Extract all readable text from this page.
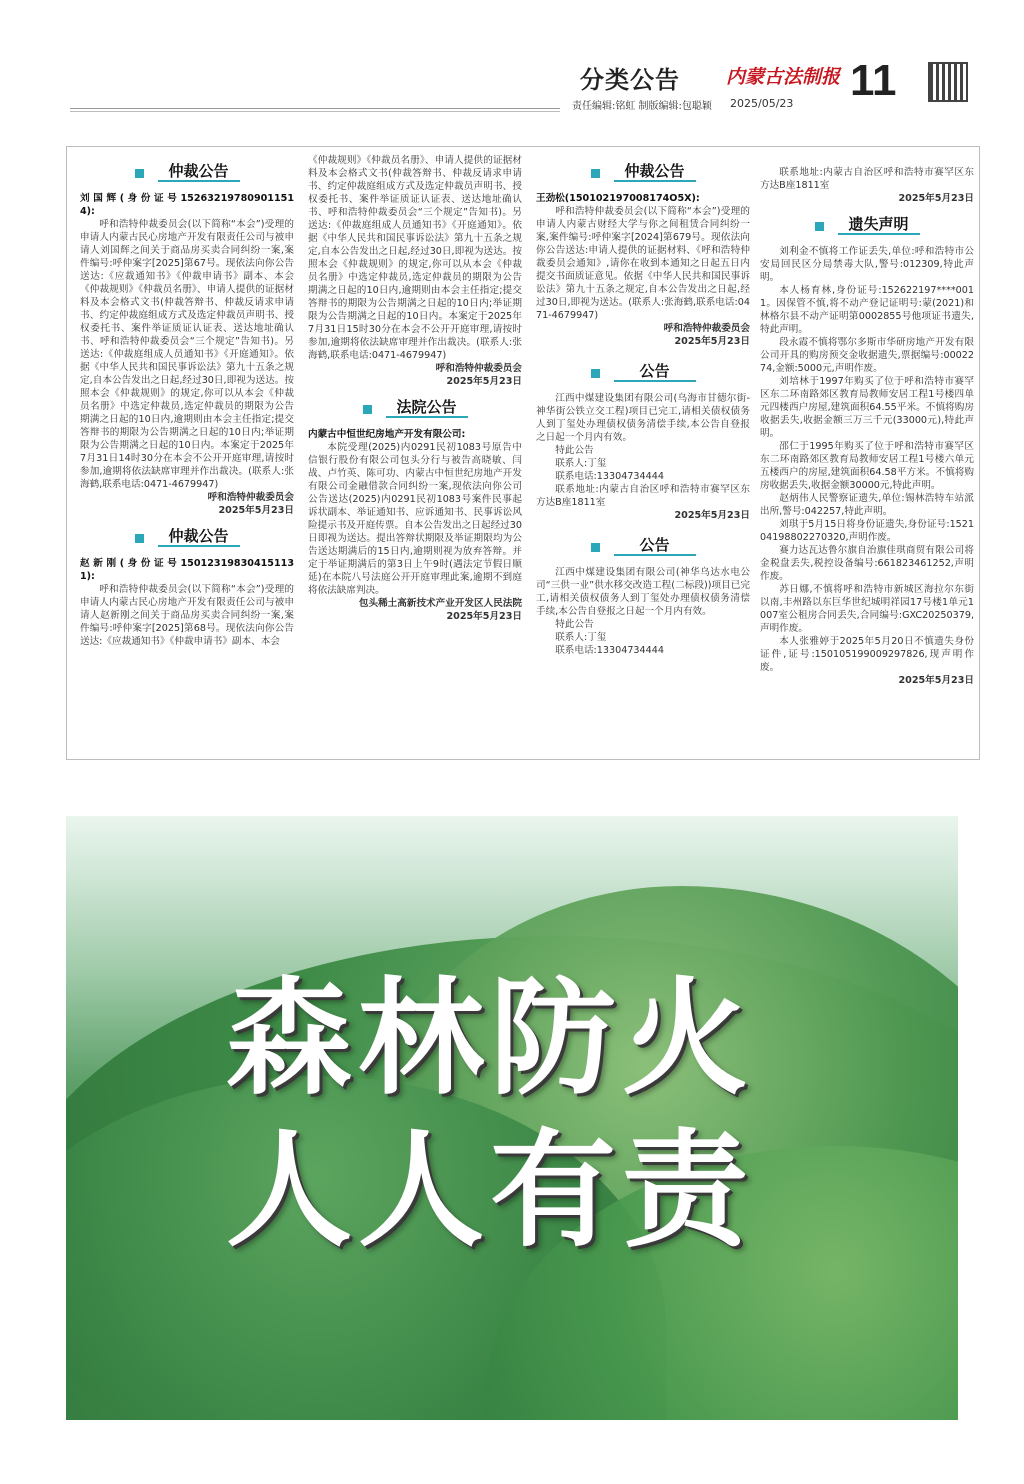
分类公告 内蒙古法制报
责任编辑:铭虹 制版编辑:包聪颖 2025/05/23 11
仲裁公告

刘 国 辉 ( 身 份 证 号 152632197809011514):

呼和浩特仲裁委员会(以下简称“本会”)受理的申请人内蒙古民心房地产开发有限责任公司与被申请人刘国辉之间关于商品房买卖合同纠纷一案,案件编号:呼仲案字[2025]第67号。现依法向你公告送达:《应裁通知书》《仲裁申请书》副本、本会《仲裁规则》《仲裁员名册》、申请人提供的证据材料及本会格式文书(仲裁答辩书、仲裁反请求申请书、约定仲裁庭组成方式及选定仲裁员声明书、授权委托书、案件举证质证认证表、送达地址确认书、呼和浩特仲裁委员会“三个规定”告知书)。另送达:《仲裁庭组成人员通知书》《开庭通知》。依据《中华人民共和国民事诉讼法》第九十五条之规定,自本公告发出之日起,经过30日,即视为送达。按照本会《仲裁规则》的规定,你可以从本会《仲裁员名册》中选定仲裁员,选定仲裁员的期限为公告期满之日起的10日内,逾期则由本会主任指定;提交答辩书的期限为公告期满之日起的10日内;举证期限为公告期满之日起的10日内。本案定于2025年7月31日14时30分在本会不公开开庭审理,请按时参加,逾期将依法缺席审理并作出裁决。(联系人:张海鹤,联系电话:0471-4679947)

呼和浩特仲裁委员会

2025年5月23日

仲裁公告

赵 新 刚 ( 身 份 证 号 150123198304151131):

呼和浩特仲裁委员会(以下简称“本会”)受理的申请人内蒙古民心房地产开发有限责任公司与被申请人赵新刚之间关于商品房买卖合同纠纷一案,案件编号:呼仲案字[2025]第68号。现依法向你公告送达:《应裁通知书》《仲裁申请书》副本、本会

《仲裁规则》《仲裁员名册》、申请人提供的证据材料及本会格式文书(仲裁答辩书、仲裁反请求申请书、约定仲裁庭组成方式及选定仲裁员声明书、授权委托书、案件举证质证认证表、送达地址确认书、呼和浩特仲裁委员会“三个规定”告知书)。另送达:《仲裁庭组成人员通知书》《开庭通知》。依据《中华人民共和国民事诉讼法》第九十五条之规定,自本公告发出之日起,经过30日,即视为送达。按照本会《仲裁规则》的规定,你可以从本会《仲裁员名册》中选定仲裁员,选定仲裁员的期限为公告期满之日起的10日内,逾期则由本会主任指定;提交答辩书的期限为公告期满之日起的10日内;举证期限为公告期满之日起的10日内。本案定于2025年7月31日15时30分在本会不公开开庭审理,请按时参加,逾期将依法缺席审理并作出裁决。(联系人:张海鹤,联系电话:0471-4679947)

呼和浩特仲裁委员会

2025年5月23日

法院公告

内蒙古中恒世纪房地产开发有限公司:

本院受理(2025)内0291民初1083号原告中信银行股份有限公司包头分行与被告高晓敏、闫战、卢竹英、陈可功、内蒙古中恒世纪房地产开发有限公司金融借款合同纠纷一案,现依法向你公司公告送达(2025)内0291民初1083号案件民事起诉状副本、举证通知书、应诉通知书、民事诉讼风险提示书及开庭传票。自本公告发出之日起经过30日即视为送达。提出答辩状期限及举证期限均为公告送达期满后的15日内,逾期则视为放弃答辩。并定于举证期满后的第3日上午9时(遇法定节假日顺延)在本院八号法庭公开开庭审理此案,逾期不到庭将依法缺席判决。

包头稀土高新技术产业开发区人民法院

2025年5月23日

仲裁公告

王劲松(150102197008174O5X):

呼和浩特仲裁委员会(以下简称“本会”)受理的申请人内蒙古财经大学与你之间租赁合同纠纷一案,案件编号:呼仲案字[2024]第679号。现依法向你公告送达:申请人提供的证据材料、《呼和浩特仲裁委员会通知》,请你在收到本通知之日起五日内提交书面质证意见。依据《中华人民共和国民事诉讼法》第九十五条之规定,自本公告发出之日起,经过30日,即视为送达。(联系人:张海鹤,联系电话:0471-4679947)

呼和浩特仲裁委员会

2025年5月23日

公告

江西中煤建设集团有限公司(乌海市甘德尔街-神华街公铁立交工程)项目已完工,请相关债权债务人到丁玺处办理债权债务清偿手续,本公告自登报之日起一个月内有效。

特此公告

联系人:丁玺

联系电话:13304734444

联系地址:内蒙古自治区呼和浩特市赛罕区东方达B座1811室

2025年5月23日

公告

江西中煤建设集团有限公司(神华乌达水电公司“三供一业”供水移交改造工程(二标段))项目已完工,请相关债权债务人到丁玺处办理债权债务清偿手续,本公告自登报之日起一个月内有效。

特此公告

联系人:丁玺

联系电话:13304734444

联系地址:内蒙古自治区呼和浩特市赛罕区东方达B座1811室

2025年5月23日

遗失声明

刘利金不慎将工作证丢失,单位:呼和浩特市公安局回民区分局禁毒大队,警号:012309,特此声明。

本人杨育林,身份证号:152622197****0011。因保管不慎,将不动产登记证明号:蒙(2021)和林格尔县不动产证明第0002855号他项证书遗失,特此声明。

段永霞不慎将鄂尔多斯市华研房地产开发有限公司开具的购房预交金收据遗失,票据编号:0002274,金额:5000元,声明作废。

刘培林于1997年购买了位于呼和浩特市赛罕区东二环南路郊区教育局教师安居工程1号楼四单元四楼西户房屋,建筑面积64.55平米。不慎将购房收据丢失,收据金额三万三千元(33000元),特此声明。

邵仁于1995年购买了位于呼和浩特市赛罕区东二环南路郊区教育局教师安居工程1号楼六单元五楼西户的房屋,建筑面积64.58平方米。不慎将购房收据丢失,收据金额30000元,特此声明。

赵炳伟人民警察证遗失,单位:锡林浩特车站派出所,警号:042257,特此声明。

刘琪于5月15日将身份证遗失,身份证号:152104198802270320,声明作废。

赛力达瓦达鲁尔旗自治旗佳琪商贸有限公司将金税盘丢失,税控设备编号:661823461252,声明作废。

苏日娜,不慎将呼和浩特市新城区海拉尔东街以南,丰州路以东巨华世纪城明祥园17号楼1单元1007室公租房合同丢失,合同编号:GXC20250379,声明作废。

本人张雅婷于2025年5月20日不慎遗失身份证件,证号:150105199009297826,现声明作废。

2025年5月23日

森林防火
人人有责
